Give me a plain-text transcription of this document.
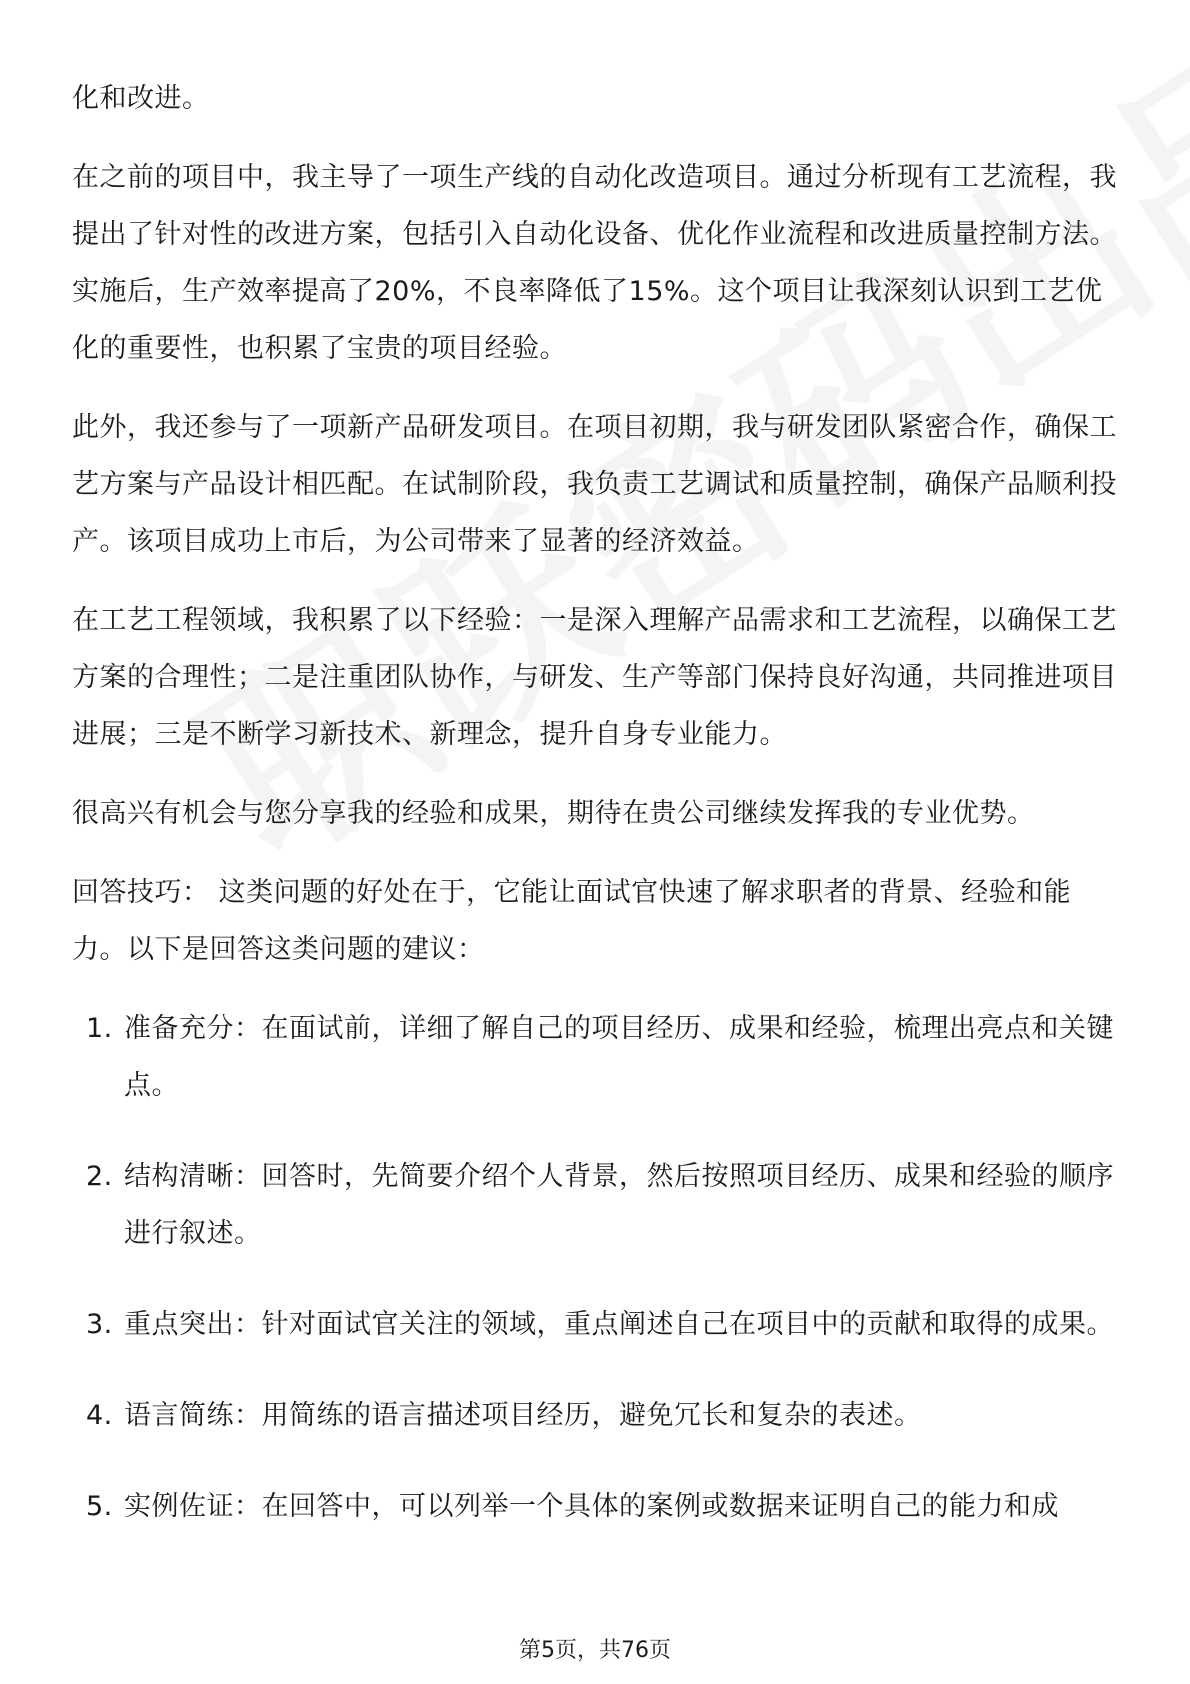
化和改进。

在之前的项目中，我主导了一项生产线的自动化改造项目。通过分析现有工艺流程，我提出了针对性的改进方案，包括引入自动化设备、优化作业流程和改进质量控制方法。实施后，生产效率提高了20%，不良率降低了15%。这个项目让我深刻认识到工艺优化的重要性，也积累了宝贵的项目经验。

此外，我还参与了一项新产品研发项目。在项目初期，我与研发团队紧密合作，确保工艺方案与产品设计相匹配。在试制阶段，我负责工艺调试和质量控制，确保产品顺利投产。该项目成功上市后，为公司带来了显著的经济效益。

在工艺工程领域，我积累了以下经验：一是深入理解产品需求和工艺流程，以确保工艺方案的合理性；二是注重团队协作，与研发、生产等部门保持良好沟通，共同推进项目进展；三是不断学习新技术、新理念，提升自身专业能力。

很高兴有机会与您分享我的经验和成果，期待在贵公司继续发挥我的专业优势。

回答技巧： 这类问题的好处在于，它能让面试官快速了解求职者的背景、经验和能力。以下是回答这类问题的建议：

1. 准备充分：在面试前，详细了解自己的项目经历、成果和经验，梳理出亮点和关键点。
2. 结构清晰：回答时，先简要介绍个人背景，然后按照项目经历、成果和经验的顺序进行叙述。
3. 重点突出：针对面试官关注的领域，重点阐述自己在项目中的贡献和取得的成果。
4. 语言简练：用简练的语言描述项目经历，避免冗长和复杂的表述。
5. 实例佐证：在回答中，可以列举一个具体的案例或数据来证明自己的能力和成
第5页，共76页
